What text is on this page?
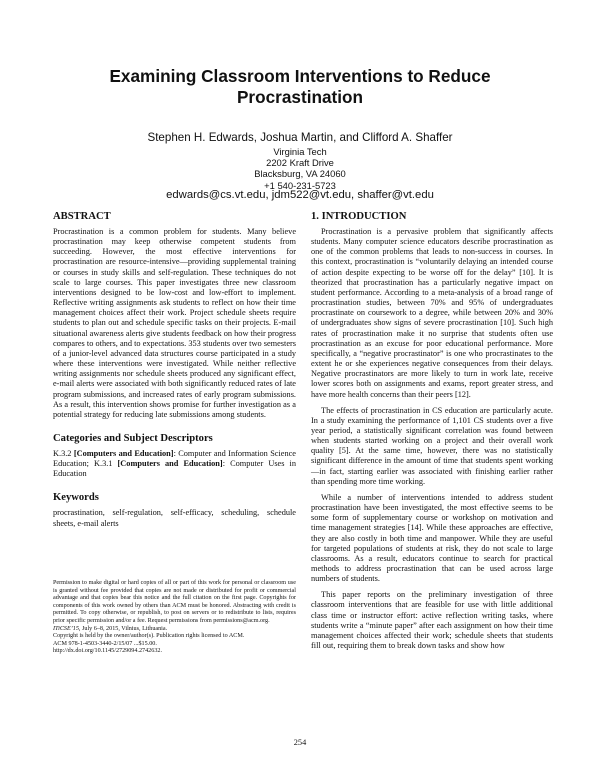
Examining Classroom Interventions to Reduce
Procrastination
Stephen H. Edwards, Joshua Martin, and Clifford A. Shaffer
Virginia Tech
2202 Kraft Drive
Blacksburg, VA 24060
+1 540-231-5723
edwards@cs.vt.edu, jdm522@vt.edu, shaffer@vt.edu
ABSTRACT

Procrastination is a common problem for students. Many believe procrastination may keep otherwise competent students from succeeding. However, the most effective interventions for procrastination are resource-intensive—providing supplemental training or courses in study skills and self-regulation. These techniques do not scale to large courses. This paper investigates three new classroom interventions designed to be low-cost and low-effort to implement. Reflective writing assignments ask students to reflect on how their time management choices affect their work. Project schedule sheets require students to plan out and schedule specific tasks on their projects. E-mail situational awareness alerts give students feedback on how their progress compares to others, and to expectations. 353 students over two semesters of a junior-level advanced data structures course participated in a study where these interventions were investigated. While neither reflective writing assignments nor schedule sheets produced any significant effect, e-mail alerts were associated with both significantly reduced rates of late program submissions, and increased rates of early program submissions. As a result, this intervention shows promise for further investigation as a potential strategy for reducing late submissions among students.

Categories and Subject Descriptors

K.3.2 [Computers and Education]: Computer and Information Science Education; K.3.1 [Computers and Education]: Computer Uses in Education

Keywords

procrastination, self-regulation, self-efficacy, scheduling, schedule sheets, e-mail alerts

Permission to make digital or hard copies of all or part of this work for personal or classroom use is granted without fee provided that copies are not made or distributed for profit or commercial advantage and that copies bear this notice and the full citation on the first page. Copyrights for components of this work owned by others than ACM must be honored. Abstracting with credit is permitted. To copy otherwise, or republish, to post on servers or to redistribute to lists, requires prior specific permission and/or a fee. Request permissions from permissions@acm.org.
ITiCSE’15, July 6–8, 2015, Vilnius, Lithuania.
Copyright is held by the owner/author(s). Publication rights licensed to ACM.
ACM 978-1-4503-3440-2/15/07 ...$15.00.
http://dx.doi.org/10.1145/2729094.2742632.
1. INTRODUCTION

Procrastination is a pervasive problem that significantly affects students. Many computer science educators describe procrastination as one of the common problems that leads to non-success in courses. In this context, procrastination is “voluntarily delaying an intended course of action despite expecting to be worse off for the delay” [10]. It is theorized that procrastination has a particularly negative impact on student performance. According to a meta-analysis of a broad range of procrastination studies, between 70% and 95% of undergraduates procrastinate on coursework to a degree, while between 20% and 30% of undergraduates show signs of severe procrastination [10]. Such high rates of procrastination make it no surprise that students often use procrastination as an excuse for poor educational performance. More specifically, a “negative procrastinator” is one who procrastinates to the extent he or she experiences negative consequences from their delays. Negative procrastinators are more likely to turn in work late, receive lower scores both on assignments and exams, report greater stress, and have more health concerns than their peers [12].

The effects of procrastination in CS education are particularly acute. In a study examining the performance of 1,101 CS students over a five year period, a statistically significant correlation was found between when students started working on a project and their overall work quality [5]. At the same time, however, there was no statistically significant difference in the amount of time that students spent working—in fact, starting earlier was associated with finishing earlier rather than spending more time working.

While a number of interventions intended to address student procrastination have been investigated, the most effective seems to be some form of supplementary course or workshop on motivation and time management strategies [14]. While these approaches are effective, they are also costly in both time and manpower. While they are useful for targeted populations of students at risk, they do not scale to large classrooms. As a result, educators continue to search for practical methods to address procrastination that can be used across large numbers of students.

This paper reports on the preliminary investigation of three classroom interventions that are feasible for use with little additional class time or instructor effort: active reflection writing tasks, where students write a “minute paper” after each assignment on how their time management choices affected their work; schedule sheets that students fill out, requiring them to break down tasks and show how

254
